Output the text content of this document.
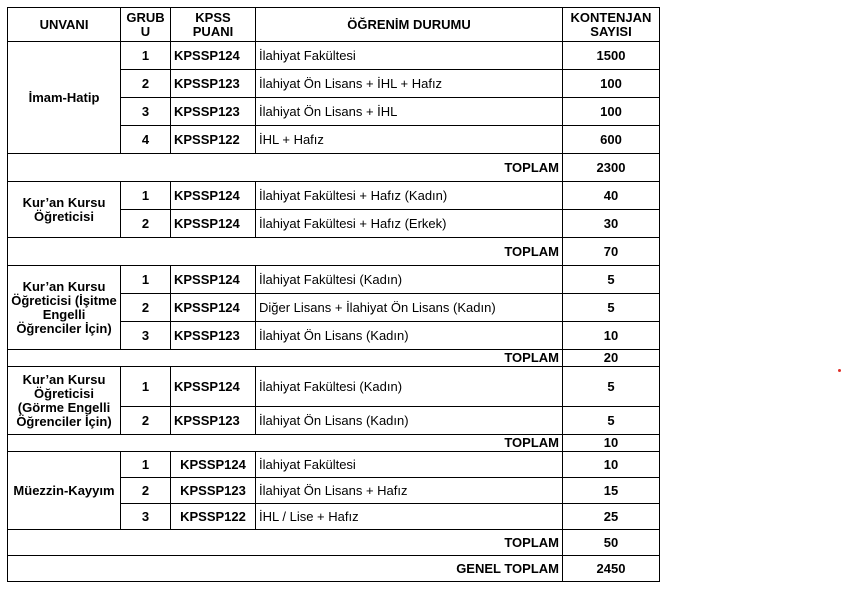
UNVANI	GRUB U	KPSS PUANI	ÖĞRENİM DURUMU	KONTENJAN SAYISI
İmam-Hatip	1	KPSSP124	İlahiyat Fakültesi	1500
	2	KPSSP123	İlahiyat Ön Lisans + İHL + Hafız	100
	3	KPSSP123	İlahiyat Ön Lisans + İHL	100
	4	KPSSP122	İHL + Hafız	600
TOPLAM				2300
Kur’an Kursu Öğreticisi	1	KPSSP124	İlahiyat Fakültesi + Hafız (Kadın)	40
	2	KPSSP124	İlahiyat Fakültesi + Hafız (Erkek)	30
TOPLAM				70
Kur’an Kursu Öğreticisi (İşitme Engelli Öğrenciler İçin)	1	KPSSP124	İlahiyat Fakültesi (Kadın)	5
	2	KPSSP124	Diğer Lisans + İlahiyat Ön Lisans (Kadın)	5
	3	KPSSP123	İlahiyat Ön Lisans (Kadın)	10
TOPLAM				20
Kur’an Kursu Öğreticisi (Görme Engelli Öğrenciler İçin)	1	KPSSP124	İlahiyat Fakültesi (Kadın)	5
	2	KPSSP123	İlahiyat Ön Lisans (Kadın)	5
TOPLAM				10
Müezzin-Kayyım	1	KPSSP124	İlahiyat Fakültesi	10
	2	KPSSP123	İlahiyat Ön Lisans + Hafız	15
	3	KPSSP122	İHL / Lise + Hafız	25
TOPLAM				50
GENEL TOPLAM				2450
